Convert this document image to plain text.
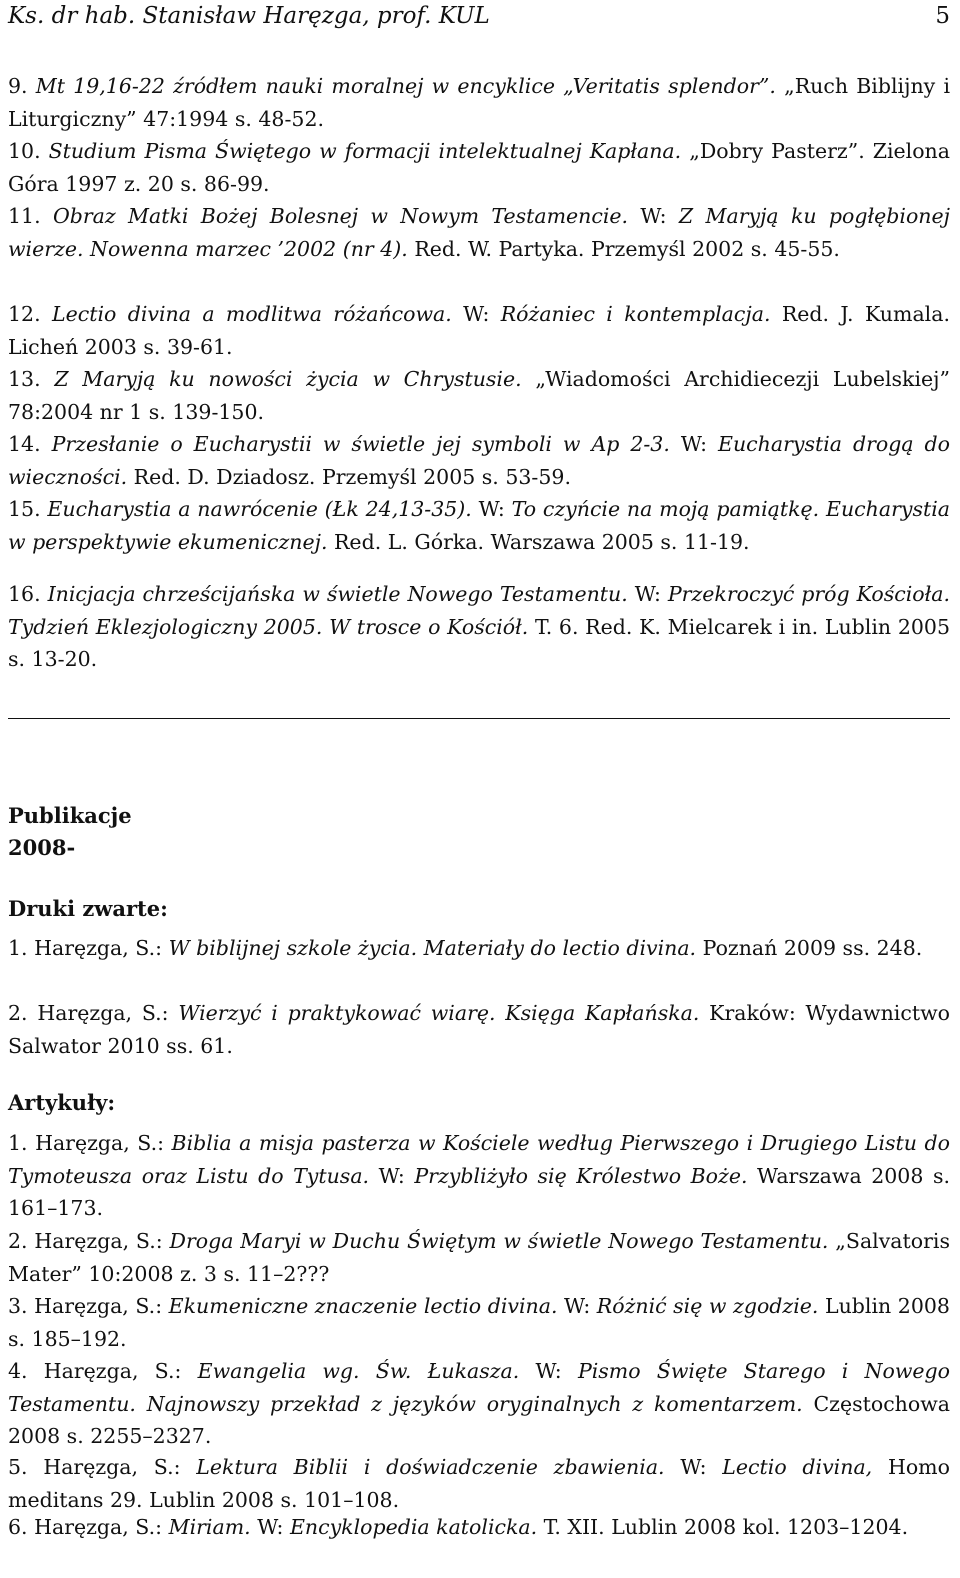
Ks. dr hab. Stanisław Haręzga, prof. KUL	5
9. Mt 19,16-22 źródłem nauki moralnej w encyklice „Veritatis splendor”. „Ruch Biblijny i Liturgiczny” 47:1994 s. 48-52.
10. Studium Pisma Świętego w formacji intelektualnej Kapłana. „Dobry Pasterz”. Zielona Góra 1997 z. 20 s. 86-99.
11. Obraz Matki Bożej Bolesnej w Nowym Testamencie. W: Z Maryją ku pogłębionej wierze. Nowenna marzec ’2002 (nr 4). Red. W. Partyka. Przemyśl 2002 s. 45-55.
12. Lectio divina a modlitwa różańcowa. W: Różaniec i kontemplacja. Red. J. Kumala. Licheń 2003 s. 39-61.
13. Z Maryją ku nowości życia w Chrystusie. „Wiadomości Archidiecezji Lubelskiej” 78:2004 nr 1 s. 139-150.
14. Przesłanie o Eucharystii w świetle jej symboli w Ap 2-3. W: Eucharystia drogą do wieczności. Red. D. Dziadosz. Przemyśl 2005 s. 53-59.
15. Eucharystia a nawrócenie (Łk 24,13-35). W: To czyńcie na moją pamiątkę. Eucharystia w perspektywie ekumenicznej. Red. L. Górka. Warszawa 2005 s. 11-19.
16. Inicjacja chrześcijańska w świetle Nowego Testamentu. W: Przekroczyć próg Kościoła. Tydzień Eklezjologiczny 2005. W trosce o Kościół. T. 6. Red. K. Mielcarek i in. Lublin 2005 s. 13-20.
Publikacje
2008-
Druki zwarte:
1. Haręzga, S.: W biblijnej szkole życia. Materiały do lectio divina. Poznań 2009 ss. 248.
2. Haręzga, S.: Wierzyć i praktykować wiarę. Księga Kapłańska. Kraków: Wydawnictwo Salwator 2010 ss. 61.
Artykuły:
1. Haręzga, S.: Biblia a misja pasterza w Kościele według Pierwszego i Drugiego Listu do Tymoteusza oraz Listu do Tytusa. W: Przybliżyło się Królestwo Boże. Warszawa 2008 s. 161–173.
2. Haręzga, S.: Droga Maryi w Duchu Świętym w świetle Nowego Testamentu. „Salvatoris Mater” 10:2008 z. 3 s. 11–2???
3. Haręzga, S.: Ekumeniczne znaczenie lectio divina. W: Różnić się w zgodzie. Lublin 2008 s. 185–192.
4. Haręzga, S.: Ewangelia wg. Św. Łukasza. W: Pismo Święte Starego i Nowego Testamentu. Najnowszy przekład z języków oryginalnych z komentarzem. Częstochowa 2008 s. 2255–2327.
5. Haręzga, S.: Lektura Biblii i doświadczenie zbawienia. W: Lectio divina, Homo meditans 29. Lublin 2008 s. 101–108.
6. Haręzga, S.: Miriam. W: Encyklopedia katolicka. T. XII. Lublin 2008 kol. 1203–1204.
